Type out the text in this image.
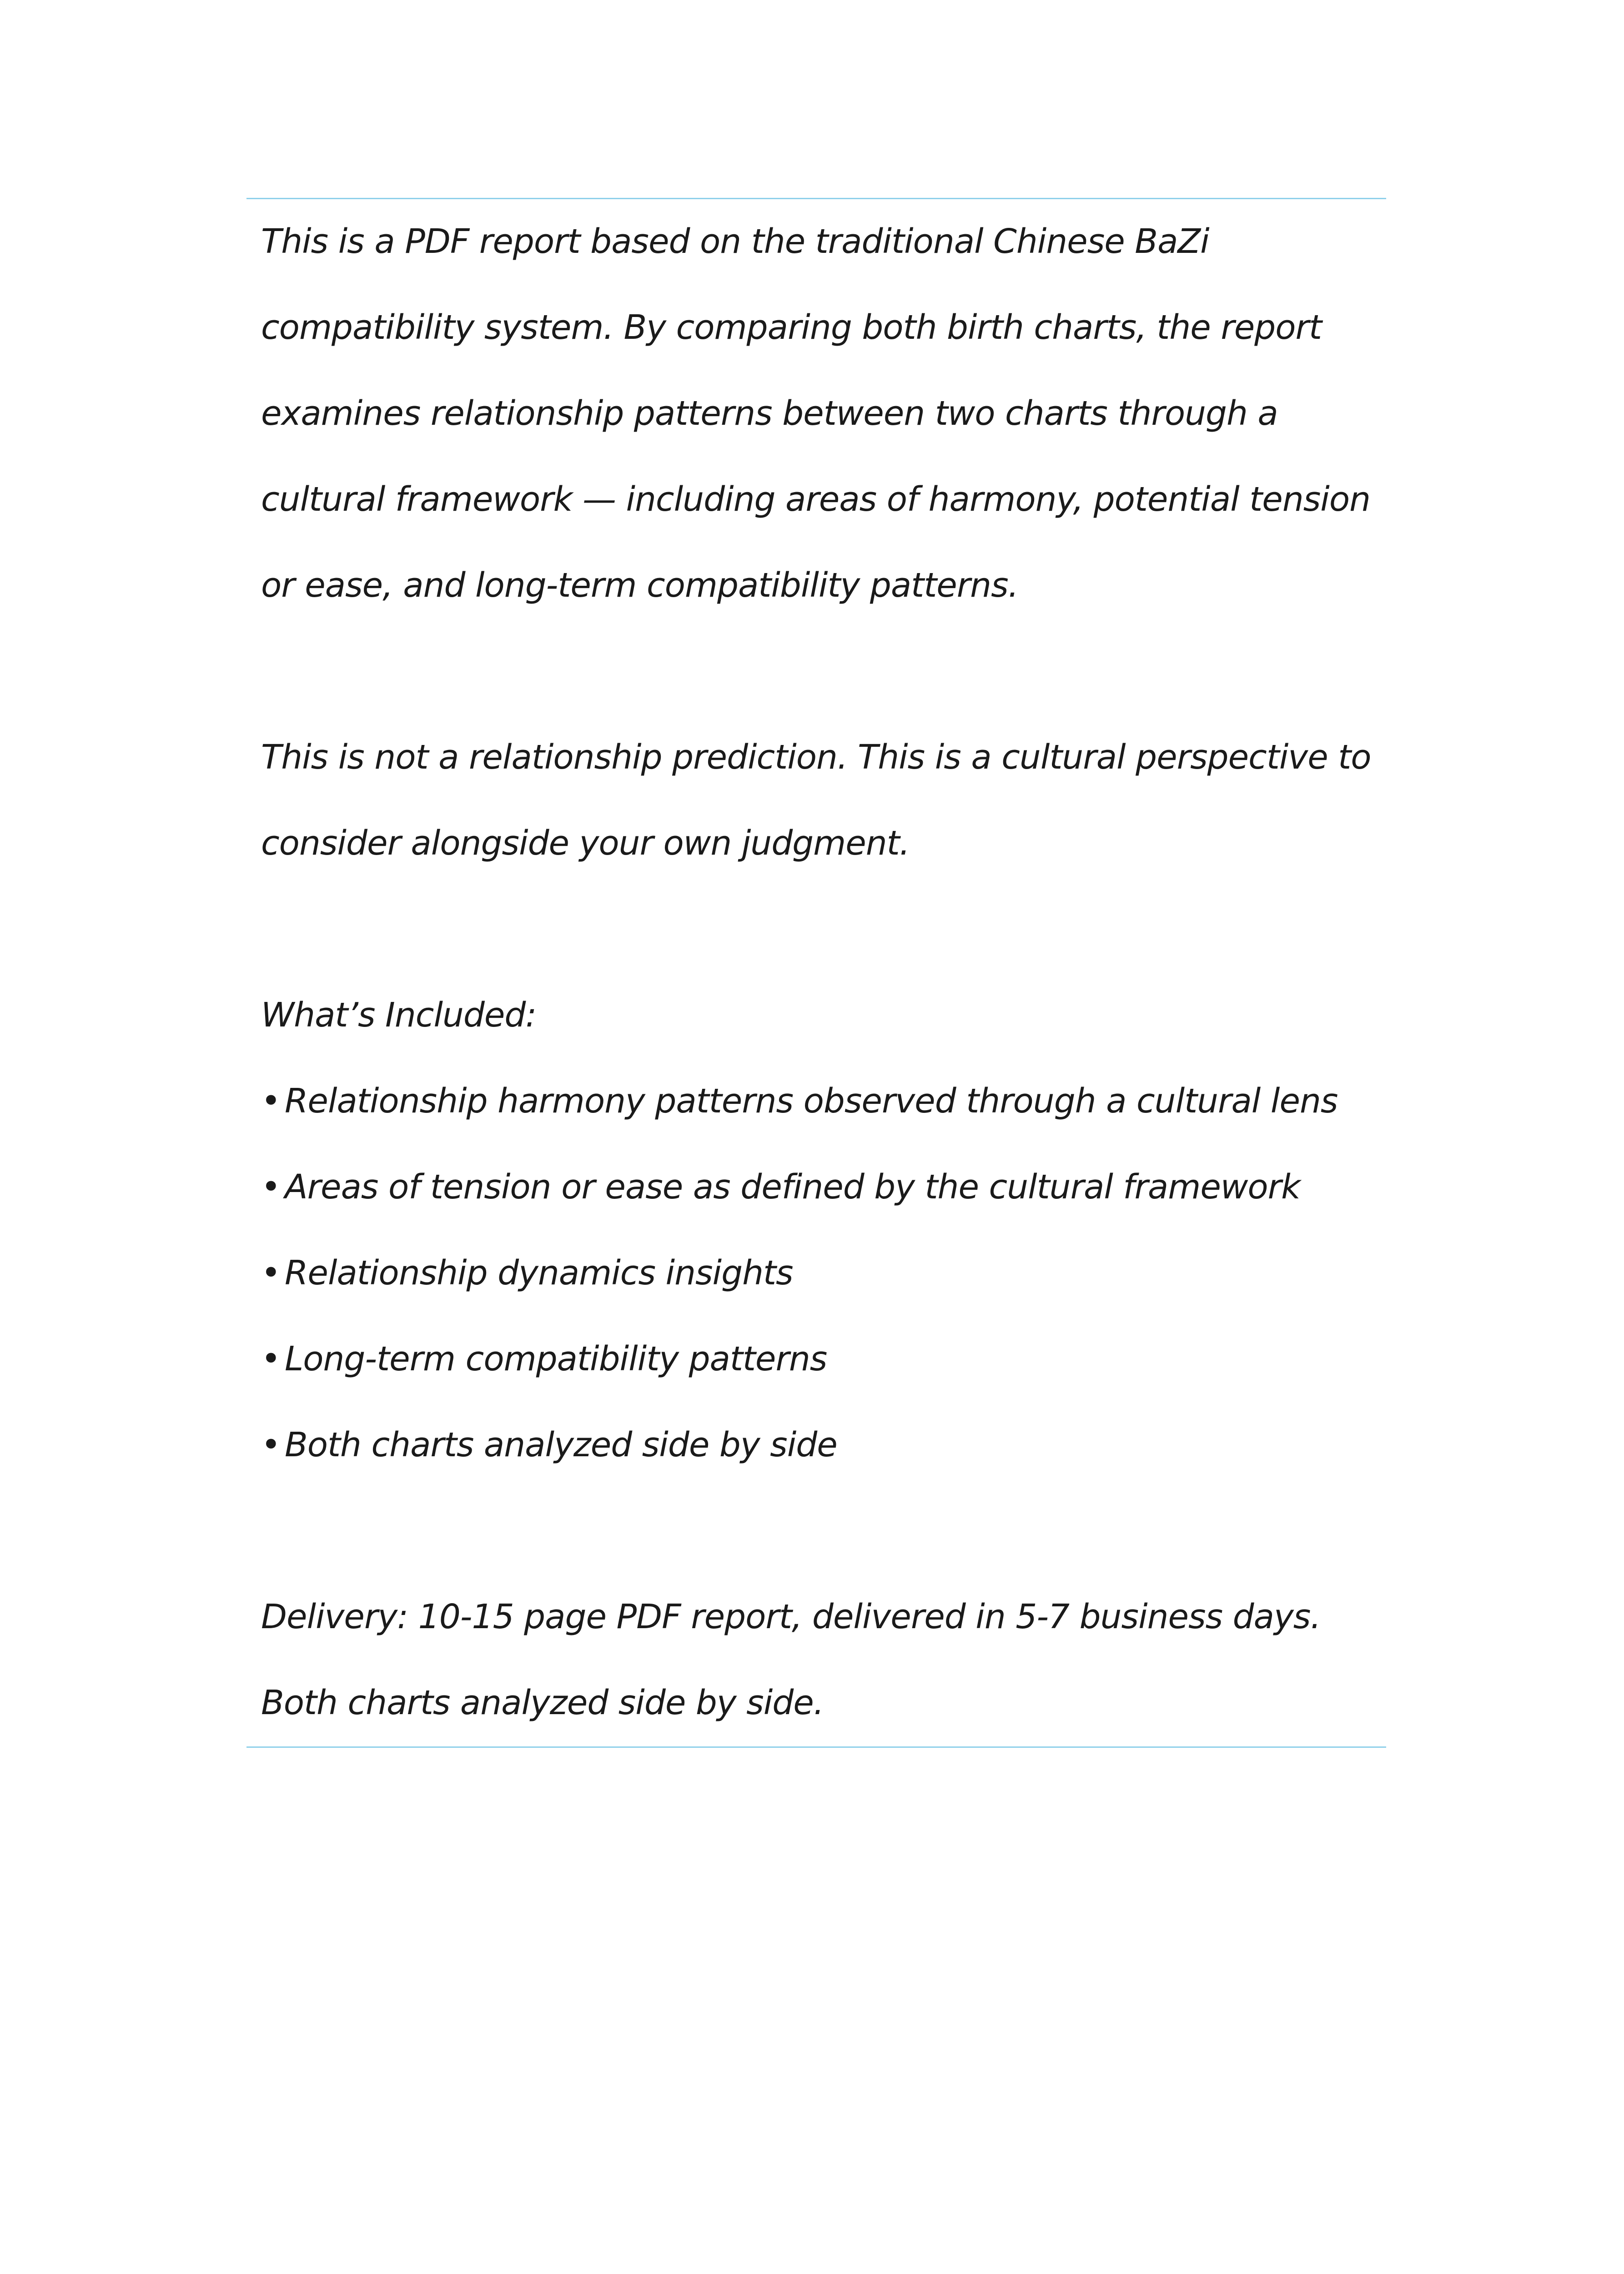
This is a PDF report based on the traditional Chinese BaZi compatibility system. By comparing both birth charts, the report examines relationship patterns between two charts through a cultural framework — including areas of harmony, potential tension or ease, and long-term compatibility patterns.

This is not a relationship prediction. This is a cultural perspective to consider alongside your own judgment.

What’s Included:

• Relationship harmony patterns observed through a cultural lens
• Areas of tension or ease as defined by the cultural framework
• Relationship dynamics insights
• Long-term compatibility patterns
• Both charts analyzed side by side

Delivery: 10-15 page PDF report, delivered in 5-7 business days. Both charts analyzed side by side.
